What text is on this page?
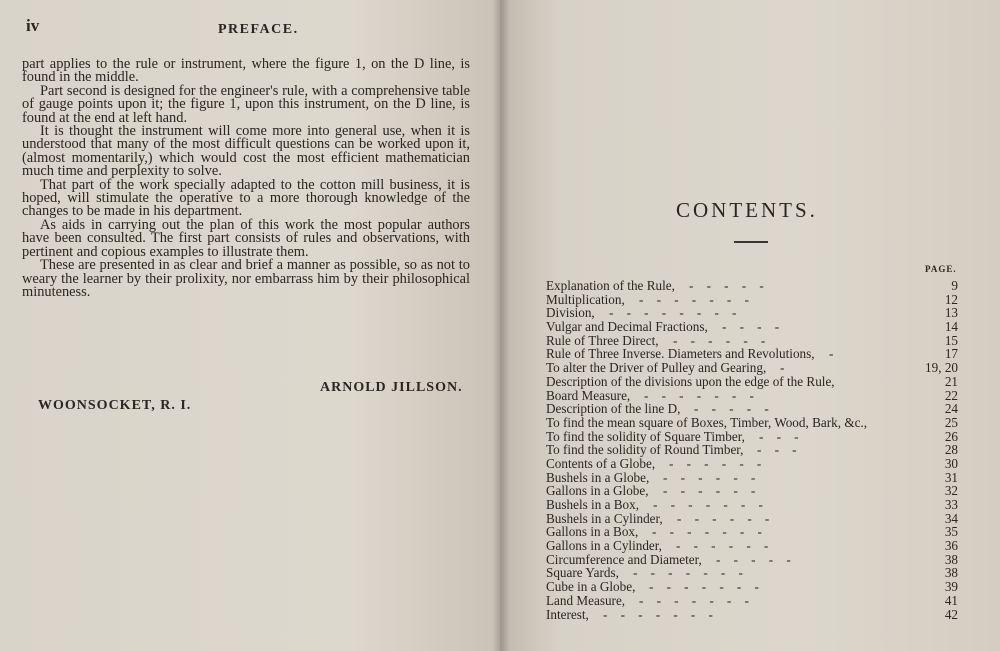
iv	PREFACE.

part applies to the rule or instrument, where the figure 1, on the D line, is found in the middle.

Part second is designed for the engineer's rule, with a comprehensive table of gauge points upon it; the figure 1, upon this instrument, on the D line, is found at the end at left hand.

It is thought the instrument will come more into general use, when it is understood that many of the most difficult questions can be worked upon it, (almost momentarily,) which would cost the most efficient mathematician much time and perplexity to solve.

That part of the work specially adapted to the cotton mill business, it is hoped, will stimulate the operative to a more thorough knowledge of the changes to be made in his department.

As aids in carrying out the plan of this work the most popular authors have been consulted. The first part consists of rules and observations, with pertinent and copious examples to illustrate them.

These are presented in as clear and brief a manner as possible, so as not to weary the learner by their prolixity, nor embarrass him by their philosophical minuteness.

ARNOLD JILLSON.
WOONSOCKET, R. I.
CONTENTS.
PAGE.
Explanation of the Rule, -    -    -    -    -	9
Multiplication, -    -    -    -    -    -    -	12
Division, -    -    -    -    -    -    -    -	13
Vulgar and Decimal Fractions, -    -    -    -	14
Rule of Three Direct, -    -    -    -    -    -	15
Rule of Three Inverse. Diameters and Revolutions, -	17
To alter the Driver of Pulley and Gearing, -	19, 20
Description of the divisions upon the edge of the Rule,	21
Board Measure, -    -    -    -    -    -    -	22
Description of the line D, -    -    -    -    -	24
To find the mean square of Boxes, Timber, Wood, Bark, &c.,	25
To find the solidity of Square Timber, -    -    -	26
To find the solidity of Round Timber, -    -    -	28
Contents of a Globe, -    -    -    -    -    -	30
Bushels in a Globe, -    -    -    -    -    -	31
Gallons in a Globe, -    -    -    -    -    -	32
Bushels in a Box, -    -    -    -    -    -    -	33
Bushels in a Cylinder, -    -    -    -    -    -	34
Gallons in a Box, -    -    -    -    -    -    -	35
Gallons in a Cylinder, -    -    -    -    -    -	36
Circumference and Diameter, -    -    -    -    -	38
Square Yards, -    -    -    -    -    -    -	38
Cube in a Globe, -    -    -    -    -    -    -	39
Land Measure, -    -    -    -    -    -    -	41
Interest, -    -    -    -    -    -    -	42
